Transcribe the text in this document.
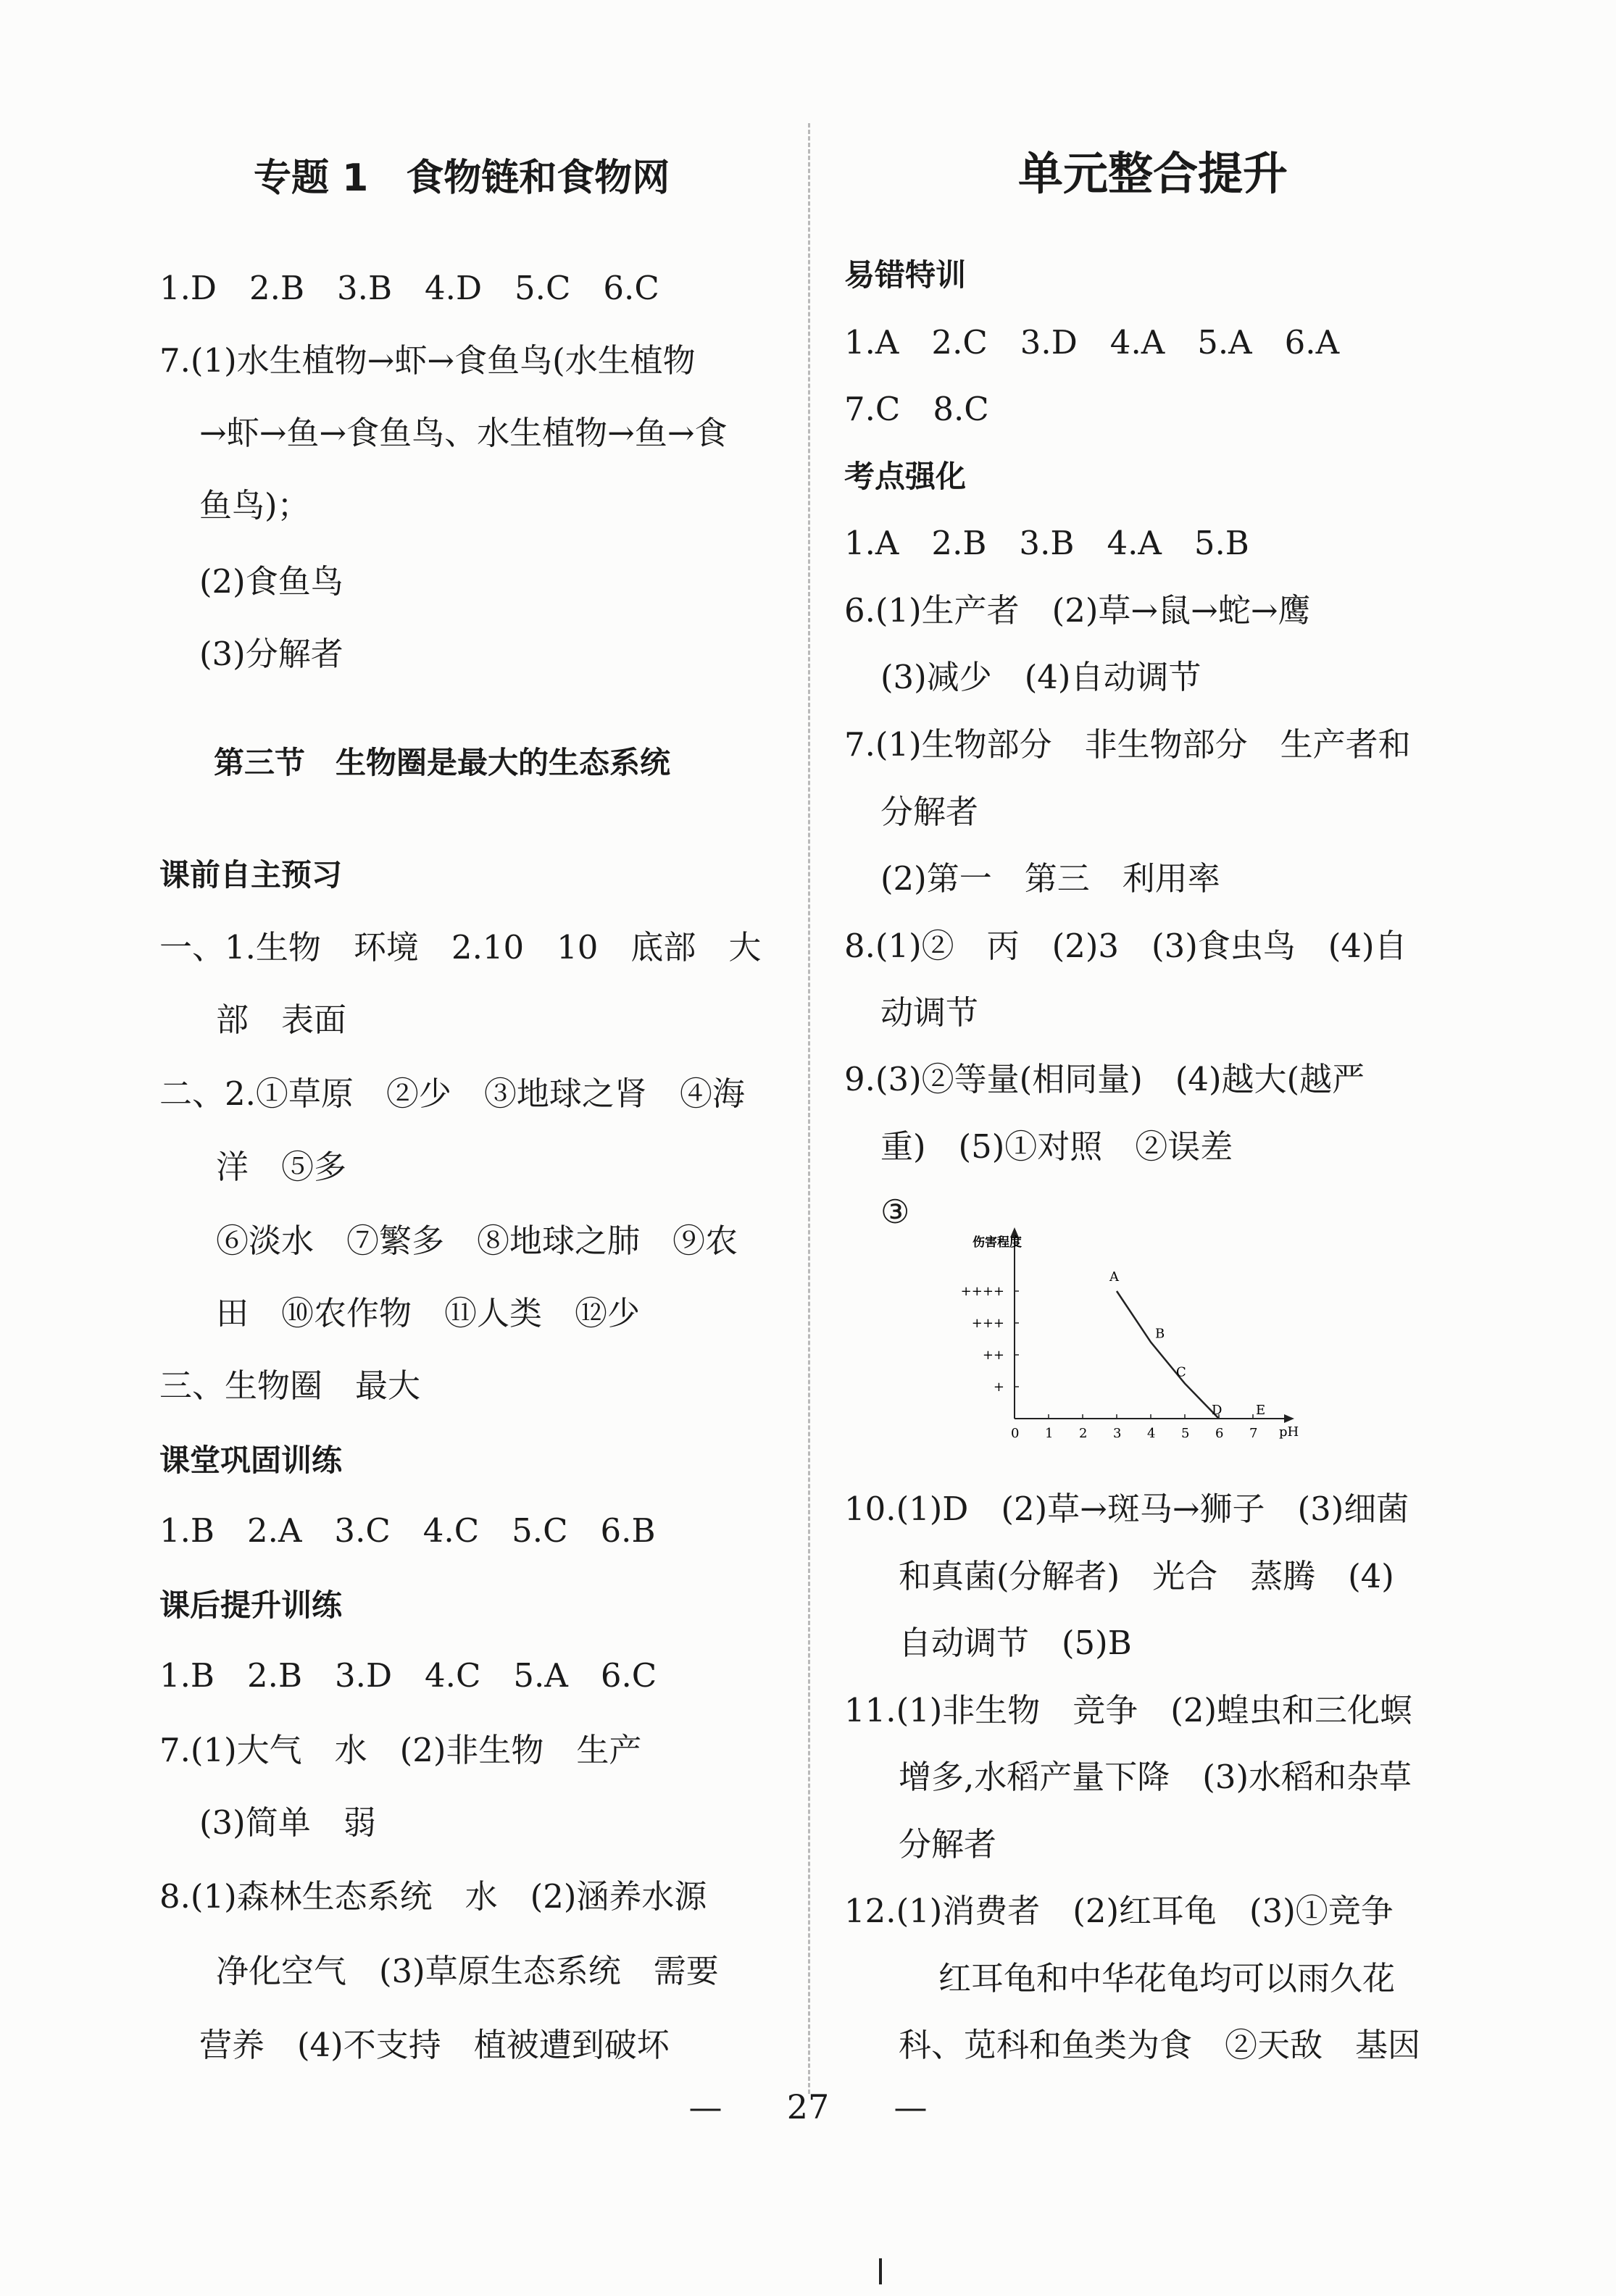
专题 1　食物链和食物网
1.D　2.B　3.B　4.D　5.C　6.C
7.(1)水生植物→虾→食鱼鸟(水生植物
→虾→鱼→食鱼鸟、水生植物→鱼→食
鱼鸟)；
(2)食鱼鸟
(3)分解者
第三节　生物圈是最大的生态系统
课前自主预习
一、1.生物　环境　2.10　10　底部　大
部　表面
二、2.①草原　②少　③地球之肾　④海
洋　⑤多
⑥淡水　⑦繁多　⑧地球之肺　⑨农
田　⑩农作物　⑪人类　⑫少
三、生物圈　最大
课堂巩固训练
1.B　2.A　3.C　4.C　5.C　6.B
课后提升训练
1.B　2.B　3.D　4.C　5.A　6.C
7.(1)大气　水　(2)非生物　生产
(3)简单　弱
8.(1)森林生态系统　水　(2)涵养水源
净化空气　(3)草原生态系统　需要
营养　(4)不支持　植被遭到破坏
单元整合提升
易错特训
1.A　2.C　3.D　4.A　5.A　6.A
7.C　8.C
考点强化
1.A　2.B　3.B　4.A　5.B
6.(1)生产者　(2)草→鼠→蛇→鹰
(3)减少　(4)自动调节
7.(1)生物部分　非生物部分　生产者和
分解者
(2)第一　第三　利用率
8.(1)②　丙　(2)3　(3)食虫鸟　(4)自
动调节
9.(3)②等量(相同量)　(4)越大(越严
重)　(5)①对照　②误差
③
10.(1)D　(2)草→斑马→狮子　(3)细菌
和真菌(分解者)　光合　蒸腾　(4)
自动调节　(5)B
11.(1)非生物　竞争　(2)蝗虫和三化螟
增多,水稻产量下降　(3)水稻和杂草
分解者
12.(1)消费者　(2)红耳龟　(3)①竞争
红耳龟和中华花龟均可以雨久花
科、苋科和鱼类为食　②天敌　基因
伤害程度
pH
0 1 2 3 4 5 6 7
+
++
+++
++++
A
B
C
D	E
— 27 —
